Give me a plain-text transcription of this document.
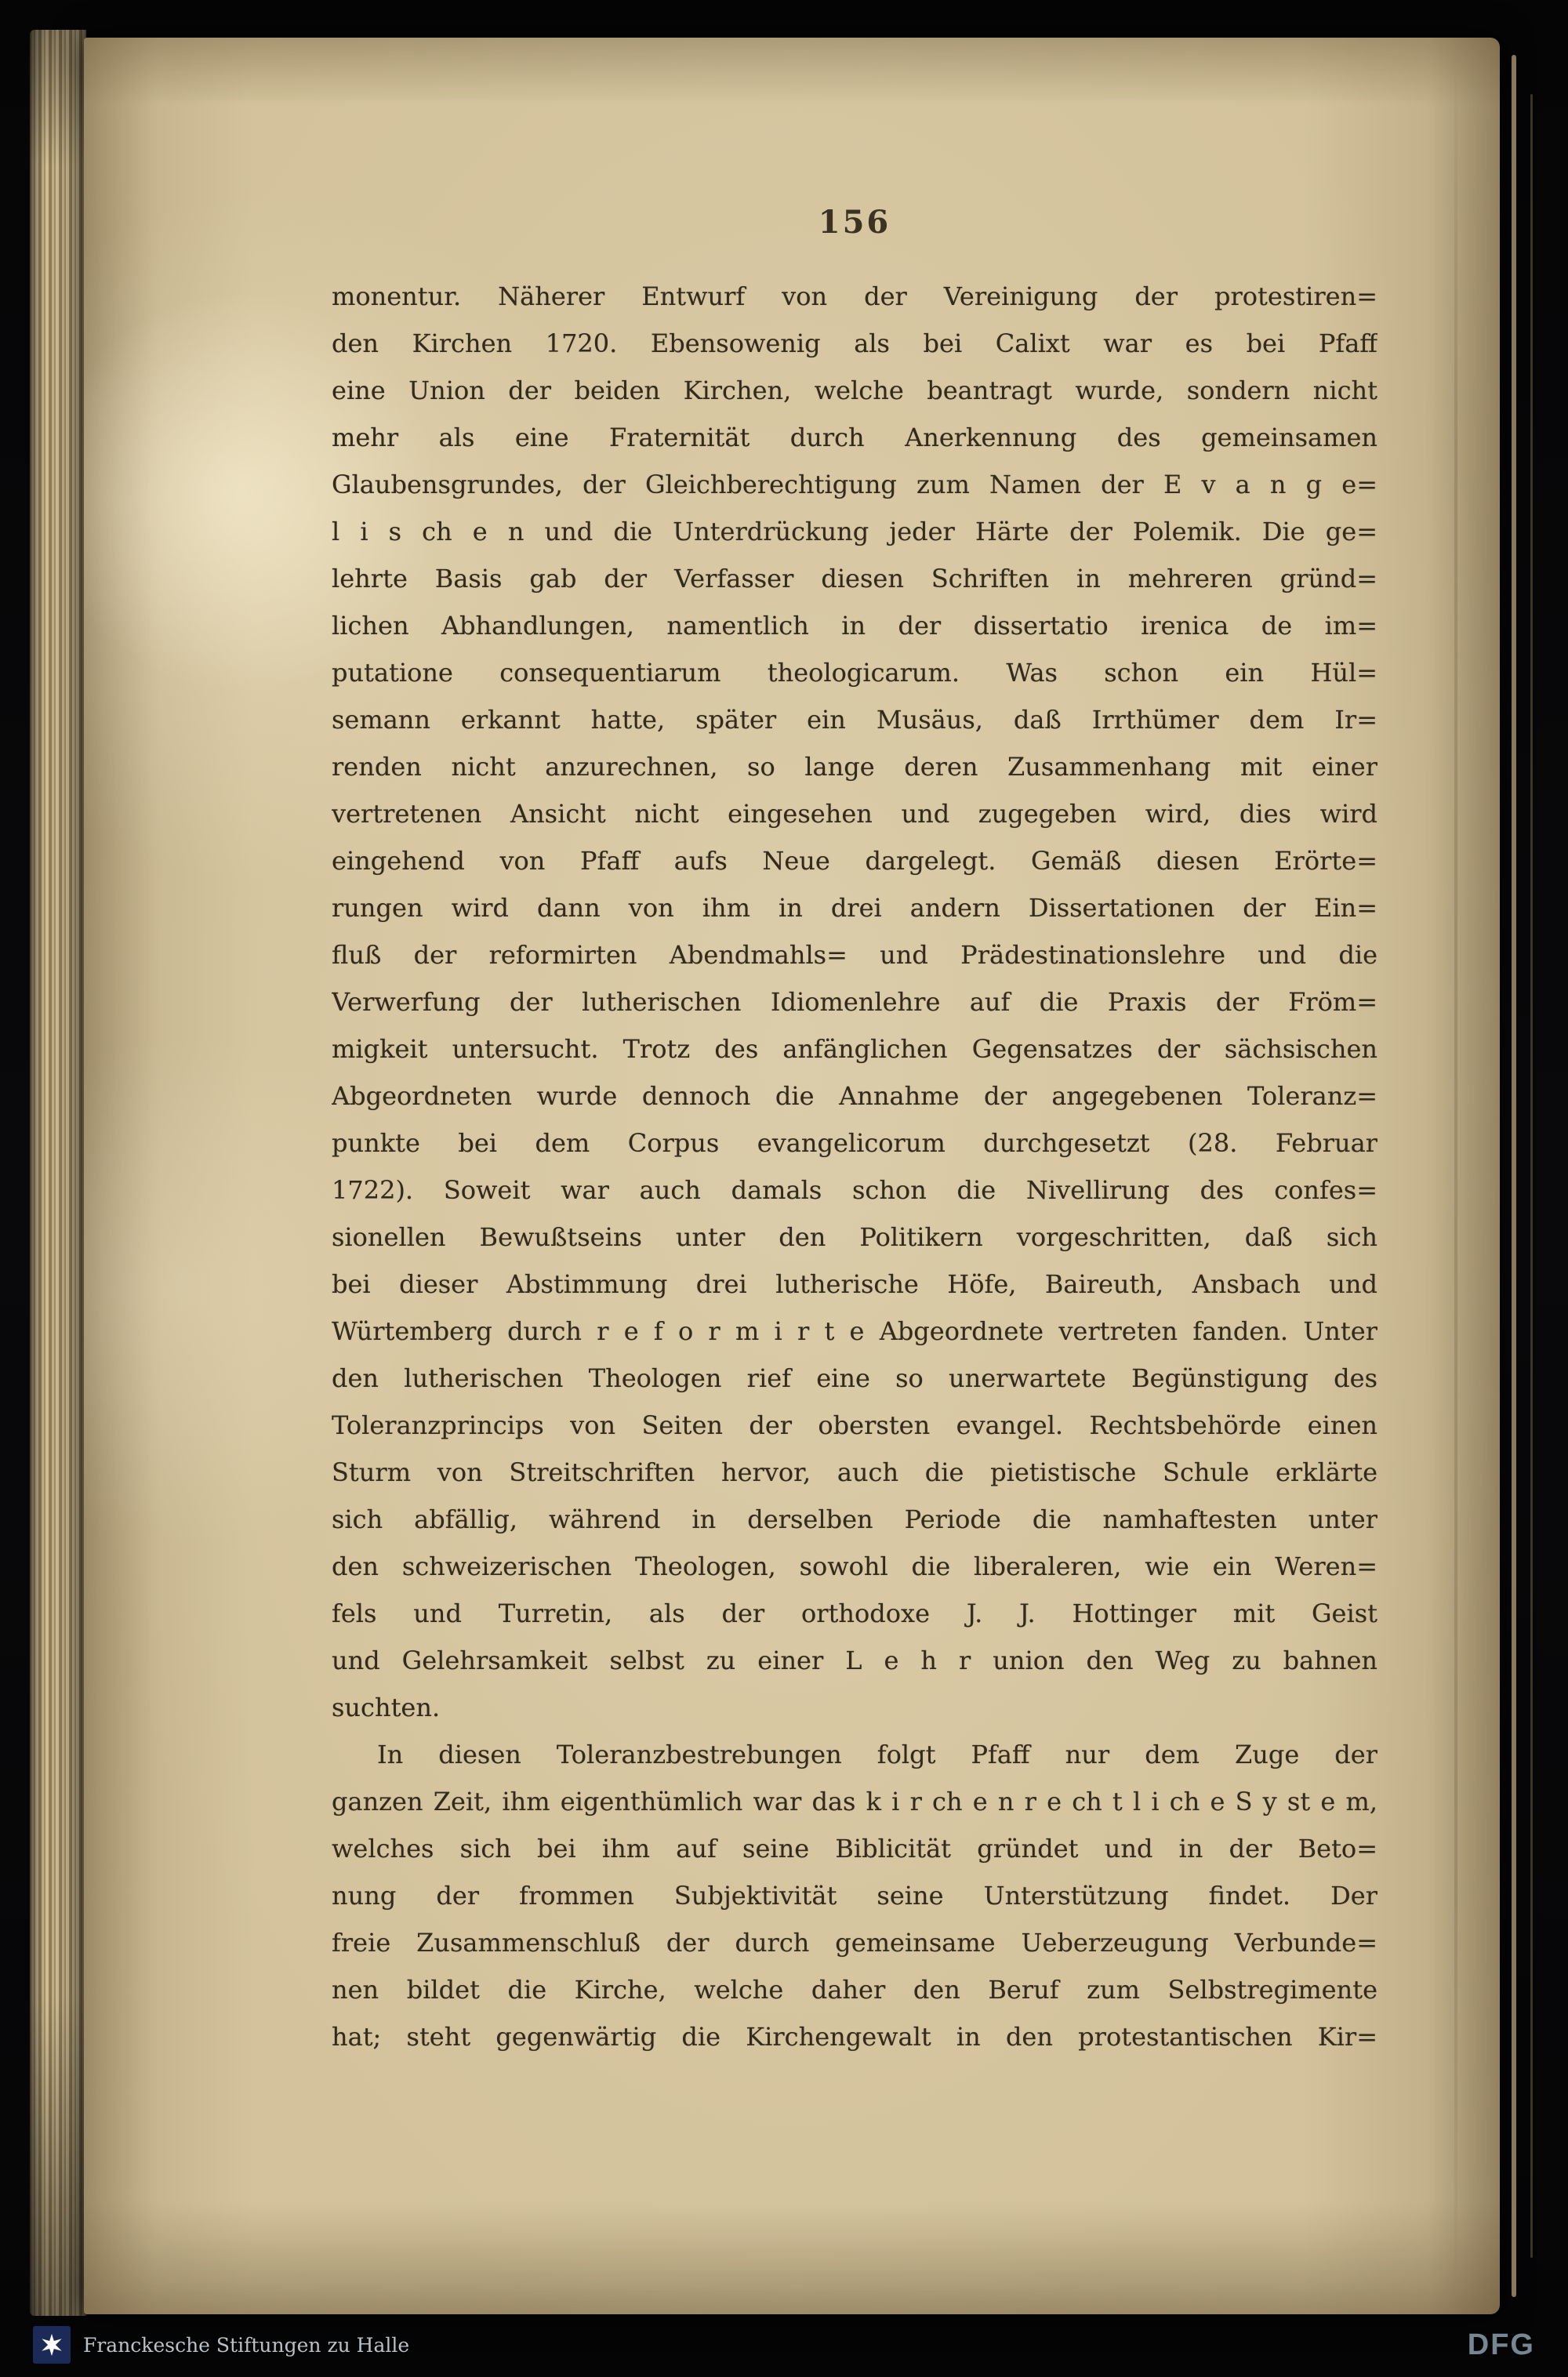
156
monentur. Näherer Entwurf von der Vereinigung der protestiren=
den Kirchen 1720. Ebensowenig als bei Calixt war es bei Pfaff
eine Union der beiden Kirchen, welche beantragt wurde, sondern nicht
mehr als eine Fraternität durch Anerkennung des gemeinsamen
Glaubensgrundes, der Gleichberechtigung zum Namen der E v a n g e=
l i s ch e n und die Unterdrückung jeder Härte der Polemik. Die ge=
lehrte Basis gab der Verfasser diesen Schriften in mehreren gründ=
lichen Abhandlungen, namentlich in der dissertatio irenica de im=
putatione consequentiarum theologicarum. Was schon ein Hül=
semann erkannt hatte, später ein Musäus, daß Irrthümer dem Ir=
renden nicht anzurechnen, so lange deren Zusammenhang mit einer
vertretenen Ansicht nicht eingesehen und zugegeben wird, dies wird
eingehend von Pfaff aufs Neue dargelegt. Gemäß diesen Erörte=
rungen wird dann von ihm in drei andern Dissertationen der Ein=
fluß der reformirten Abendmahls= und Prädestinationslehre und die
Verwerfung der lutherischen Idiomenlehre auf die Praxis der Fröm=
migkeit untersucht. Trotz des anfänglichen Gegensatzes der sächsischen
Abgeordneten wurde dennoch die Annahme der angegebenen Toleranz=
punkte bei dem Corpus evangelicorum durchgesetzt (28. Februar
1722). Soweit war auch damals schon die Nivellirung des confes=
sionellen Bewußtseins unter den Politikern vorgeschritten, daß sich
bei dieser Abstimmung drei lutherische Höfe, Baireuth, Ansbach und
Würtemberg durch r e f o r m i r t e Abgeordnete vertreten fanden. Unter
den lutherischen Theologen rief eine so unerwartete Begünstigung des
Toleranzprincips von Seiten der obersten evangel. Rechtsbehörde einen
Sturm von Streitschriften hervor, auch die pietistische Schule erklärte
sich abfällig, während in derselben Periode die namhaftesten unter
den schweizerischen Theologen, sowohl die liberaleren, wie ein Weren=
fels und Turretin, als der orthodoxe J. J. Hottinger mit Geist
und Gelehrsamkeit selbst zu einer L e h r union den Weg zu bahnen
suchten.
In diesen Toleranzbestrebungen folgt Pfaff nur dem Zuge der
ganzen Zeit, ihm eigenthümlich war das k i r ch e n r e ch t l i ch e S y st e m,
welches sich bei ihm auf seine Biblicität gründet und in der Beto=
nung der frommen Subjektivität seine Unterstützung findet. Der
freie Zusammenschluß der durch gemeinsame Ueberzeugung Verbunde=
nen bildet die Kirche, welche daher den Beruf zum Selbstregimente
hat; steht gegenwärtig die Kirchengewalt in den protestantischen Kir=
Franckesche Stiftungen zu Halle	DFG
